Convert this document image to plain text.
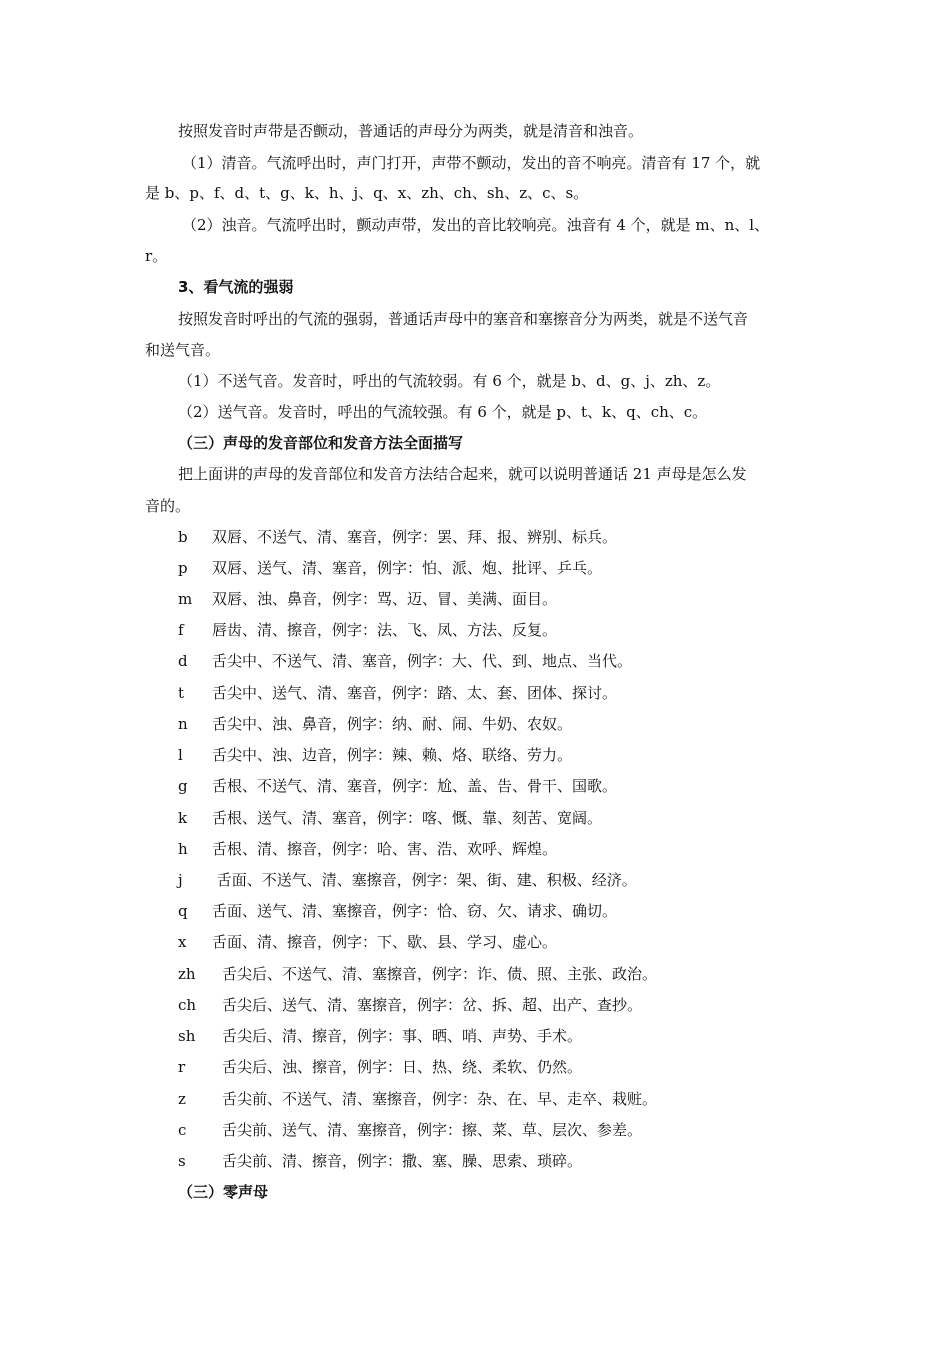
按照发音时声带是否颤动，普通话的声母分为两类，就是清音和浊音。
（1）清音。气流呼出时，声门打开，声带不颤动，发出的音不响亮。清音有 17 个，就
是 b、p、f、d、t、g、k、h、j、q、x、zh、ch、sh、z、c、s。
（2）浊音。气流呼出时，颤动声带，发出的音比较响亮。浊音有 4 个，就是 m、n、l、
r。
3、看气流的强弱
按照发音时呼出的气流的强弱，普通话声母中的塞音和塞擦音分为两类，就是不送气音
和送气音。
（1）不送气音。发音时，呼出的气流较弱。有 6 个，就是 b、d、g、j、zh、z。
（2）送气音。发音时，呼出的气流较强。有 6 个，就是 p、t、k、q、ch、c。
（三）声母的发音部位和发音方法全面描写
把上面讲的声母的发音部位和发音方法结合起来，就可以说明普通话 21 声母是怎么发
音的。
b 双唇、不送气、清、塞音，例字：罢、拜、报、辨别、标兵。
p 双唇、送气、清、塞音，例字：怕、派、炮、批评、乒乓。
m 双唇、浊、鼻音，例字：骂、迈、冒、美满、面目。
f 唇齿、清、擦音，例字：法、飞、凤、方法、反复。
d 舌尖中、不送气、清、塞音，例字：大、代、到、地点、当代。
t 舌尖中、送气、清、塞音，例字：踏、太、套、团体、探讨。
n 舌尖中、浊、鼻音，例字：纳、耐、闹、牛奶、农奴。
l 舌尖中、浊、边音，例字：辣、赖、烙、联络、劳力。
g 舌根、不送气、清、塞音，例字：尬、盖、告、骨干、国歌。
k 舌根、送气、清、塞音，例字：喀、慨、靠、刻苦、宽阔。
h 舌根、清、擦音，例字：哈、害、浩、欢呼、辉煌。
j 舌面、不送气、清、塞擦音，例字：架、街、建、积极、经济。
q 舌面、送气、清、塞擦音，例字：恰、窃、欠、请求、确切。
x 舌面、清、擦音，例字：下、歇、县、学习、虚心。
zh 舌尖后、不送气、清、塞擦音，例字：诈、债、照、主张、政治。
ch 舌尖后、送气、清、塞擦音，例字：岔、拆、超、出产、查抄。
sh 舌尖后、清、擦音，例字：事、晒、哨、声势、手术。
r 舌尖后、浊、擦音，例字：日、热、绕、柔软、仍然。
z 舌尖前、不送气、清、塞擦音，例字：杂、在、早、走卒、栽赃。
c 舌尖前、送气、清、塞擦音，例字：擦、菜、草、层次、参差。
s 舌尖前、清、擦音，例字：撒、塞、臊、思索、琐碎。
（三）零声母
